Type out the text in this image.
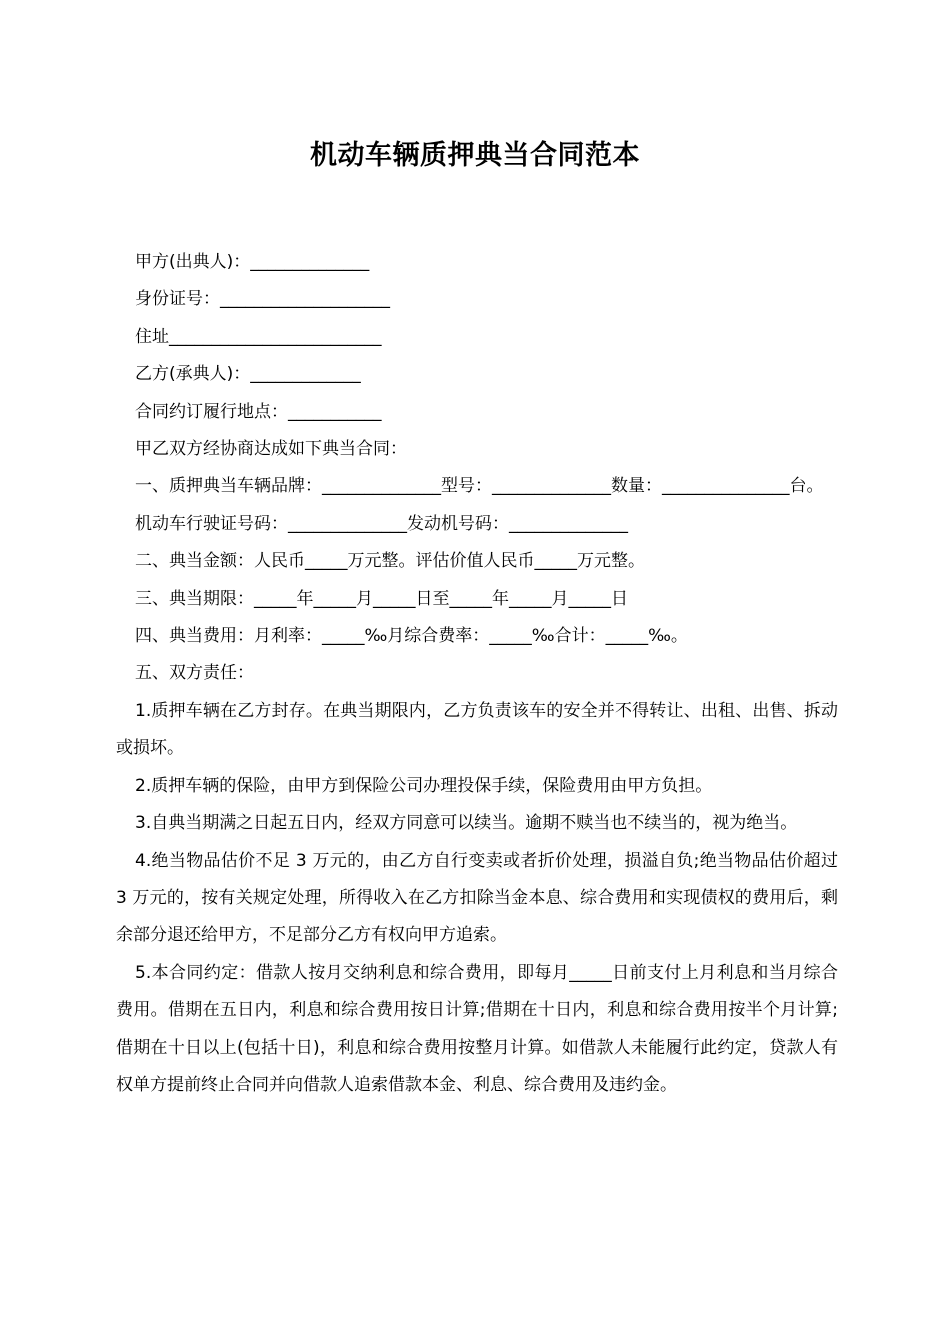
机动车辆质押典当合同范本

甲方(出典人)：______________

身份证号：____________________

住址_________________________

乙方(承典人)：_____________

合同约订履行地点：___________

甲乙双方经协商达成如下典当合同：

一、质押典当车辆品牌：______________型号：______________数量：_______________台。

机动车行驶证号码：______________发动机号码：______________

二、典当金额：人民币_____万元整。评估价值人民币_____万元整。

三、典当期限：_____年_____月_____日至_____年_____月_____日

四、典当费用：月利率：_____‰月综合费率：_____‰合计：_____‰。

五、双方责任：

1.质押车辆在乙方封存。在典当期限内，乙方负责该车的安全并不得转让、出租、出售、拆动或损坏。

2.质押车辆的保险，由甲方到保险公司办理投保手续，保险费用由甲方负担。

3.自典当期满之日起五日内，经双方同意可以续当。逾期不赎当也不续当的，视为绝当。

4.绝当物品估价不足 3 万元的，由乙方自行变卖或者折价处理，损溢自负;绝当物品估价超过 3 万元的，按有关规定处理，所得收入在乙方扣除当金本息、综合费用和实现债权的费用后，剩余部分退还给甲方，不足部分乙方有权向甲方追索。

5.本合同约定：借款人按月交纳利息和综合费用，即每月_____日前支付上月利息和当月综合费用。借期在五日内，利息和综合费用按日计算;借期在十日内，利息和综合费用按半个月计算;借期在十日以上(包括十日)，利息和综合费用按整月计算。如借款人未能履行此约定，贷款人有权单方提前终止合同并向借款人追索借款本金、利息、综合费用及违约金。
